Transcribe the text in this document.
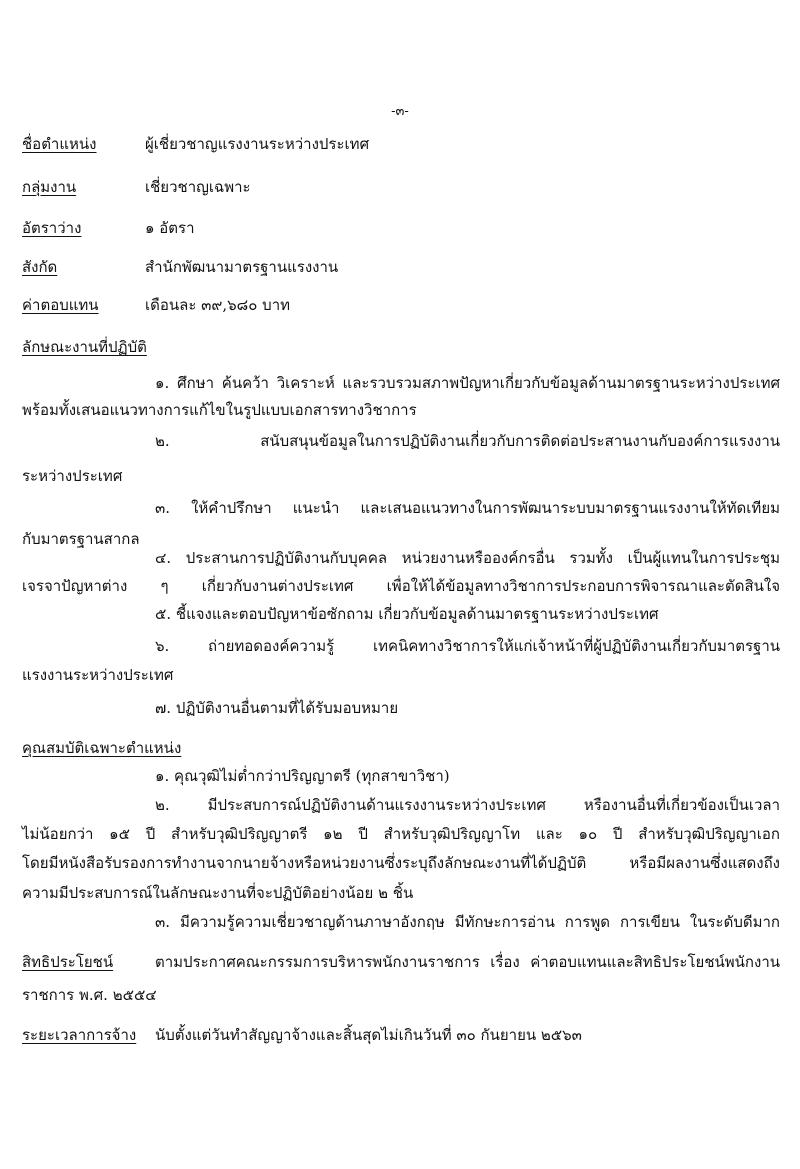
-๓-
ชื่อตำแหน่ง	ผู้เชี่ยวชาญแรงงานระหว่างประเทศ
กลุ่มงาน	เชี่ยวชาญเฉพาะ
อัตราว่าง	๑ อัตรา
สังกัด	สำนักพัฒนามาตรฐานแรงงาน
ค่าตอบแทน	เดือนละ ๓๙,๖๘๐ บาท
ลักษณะงานที่ปฏิบัติ
๑. ศึกษา ค้นคว้า วิเคราะห์ และรวบรวมสภาพปัญหาเกี่ยวกับข้อมูลด้านมาตรฐานระหว่างประเทศ
พร้อมทั้งเสนอแนวทางการแก้ไขในรูปแบบเอกสารทางวิชาการ
๒. สนับสนุนข้อมูลในการปฏิบัติงานเกี่ยวกับการติดต่อประสานงานกับองค์การแรงงาน
ระหว่างประเทศ
๓. ให้คำปรึกษา แนะนำ และเสนอแนวทางในการพัฒนาระบบมาตรฐานแรงงานให้ทัดเทียม
กับมาตรฐานสากล
๔. ประสานการปฏิบัติงานกับบุคคล หน่วยงานหรือองค์กรอื่น รวมทั้ง เป็นผู้แทนในการประชุม
เจรจาปัญหาต่าง ๆ เกี่ยวกับงานต่างประเทศ เพื่อให้ได้ข้อมูลทางวิชาการประกอบการพิจารณาและตัดสินใจ
๕. ชี้แจงและตอบปัญหาข้อซักถาม เกี่ยวกับข้อมูลด้านมาตรฐานระหว่างประเทศ
๖. ถ่ายทอดองค์ความรู้ เทคนิคทางวิชาการให้แก่เจ้าหน้าที่ผู้ปฏิบัติงานเกี่ยวกับมาตรฐาน
แรงงานระหว่างประเทศ
๗. ปฏิบัติงานอื่นตามที่ได้รับมอบหมาย
คุณสมบัติเฉพาะตำแหน่ง
๑. คุณวุฒิไม่ต่ำกว่าปริญญาตรี (ทุกสาขาวิชา)
๒. มีประสบการณ์ปฏิบัติงานด้านแรงงานระหว่างประเทศ หรืองานอื่นที่เกี่ยวข้องเป็นเวลา
ไม่น้อยกว่า ๑๕ ปี สำหรับวุฒิปริญญาตรี ๑๒ ปี สำหรับวุฒิปริญญาโท และ ๑๐ ปี สำหรับวุฒิปริญญาเอก
โดยมีหนังสือรับรองการทำงานจากนายจ้างหรือหน่วยงานซึ่งระบุถึงลักษณะงานที่ได้ปฏิบัติ หรือมีผลงานซึ่งแสดงถึง
ความมีประสบการณ์ในลักษณะงานที่จะปฏิบัติอย่างน้อย ๒ ชิ้น
๓. มีความรู้ความเชี่ยวชาญด้านภาษาอังกฤษ มีทักษะการอ่าน การพูด การเขียน ในระดับดีมาก
สิทธิประโยชน์	ตามประกาศคณะกรรมการบริหารพนักงานราชการ เรื่อง ค่าตอบแทนและสิทธิประโยชน์พนักงาน
ราชการ พ.ศ. ๒๕๕๔
ระยะเวลาการจ้าง นับตั้งแต่วันทำสัญญาจ้างและสิ้นสุดไม่เกินวันที่ ๓๐ กันยายน ๒๕๖๓
